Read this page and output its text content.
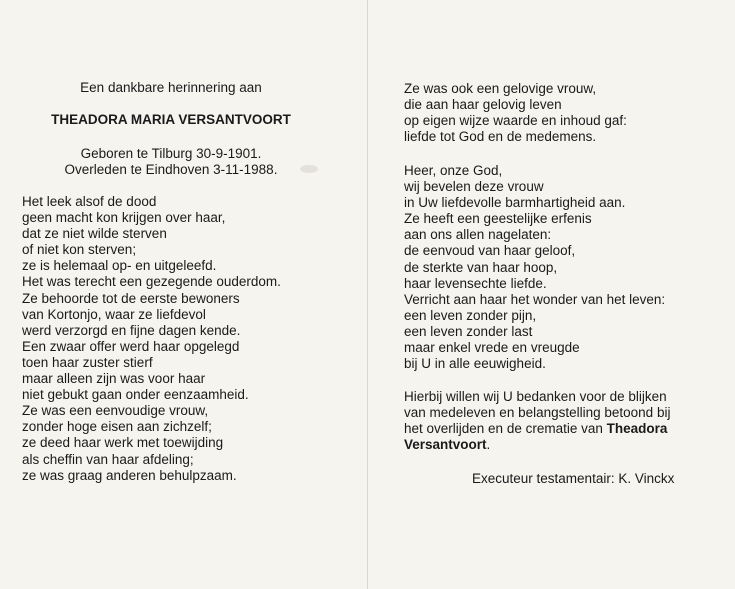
Een dankbare herinnering aan
THEADORA MARIA VERSANTVOORT
Geboren te Tilburg 30-9-1901.
Overleden te Eindhoven 3-11-1988.
Het leek alsof de dood
geen macht kon krijgen over haar,
dat ze niet wilde sterven
of niet kon sterven;
ze is helemaal op- en uitgeleefd.
Het was terecht een gezegende ouderdom.
Ze behoorde tot de eerste bewoners
van Kortonjo, waar ze liefdevol
werd verzorgd en fijne dagen kende.
Een zwaar offer werd haar opgelegd
toen haar zuster stierf
maar alleen zijn was voor haar
niet gebukt gaan onder eenzaamheid.
Ze was een eenvoudige vrouw,
zonder hoge eisen aan zichzelf;
ze deed haar werk met toewijding
als cheffin van haar afdeling;
ze was graag anderen behulpzaam.
Ze was ook een gelovige vrouw,
die aan haar gelovig leven
op eigen wijze waarde en inhoud gaf:
liefde tot God en de medemens.
Heer, onze God,
wij bevelen deze vrouw
in Uw liefdevolle barmhartigheid aan.
Ze heeft een geestelijke erfenis
aan ons allen nagelaten:
de eenvoud van haar geloof,
de sterkte van haar hoop,
haar levensechte liefde.
Verricht aan haar het wonder van het leven:
een leven zonder pijn,
een leven zonder last
maar enkel vrede en vreugde
bij U in alle eeuwigheid.
Hierbij willen wij U bedanken voor de blijken
van medeleven en belangstelling betoond bij
het overlijden en de crematie van Theadora
Versantvoort.
Executeur testamentair: K. Vinckx
